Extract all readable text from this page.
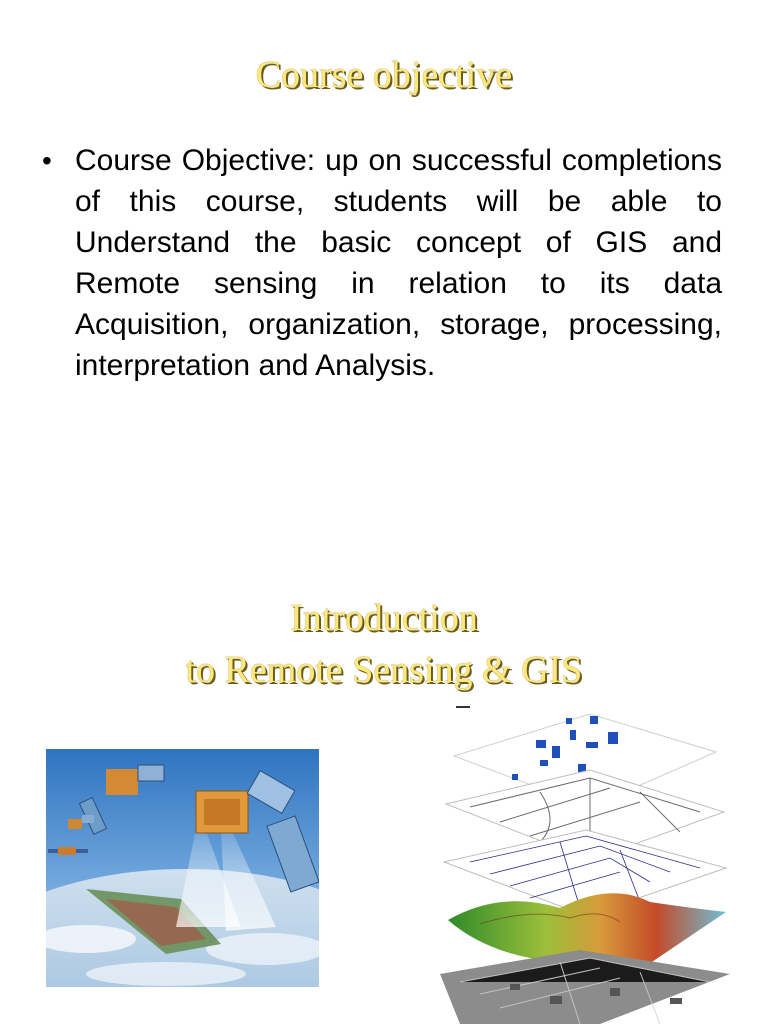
Course objective
• Course Objective: up on successful completions of this course, students will be able to Understand the basic concept of GIS and Remote sensing in relation to its data Acquisition, organization, storage, processing, interpretation and Analysis.
Introduction
to Remote Sensing & GIS
